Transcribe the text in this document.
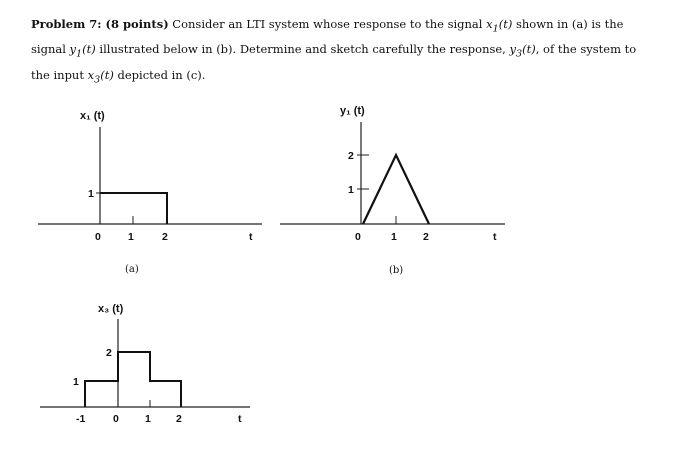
Problem 7: (8 points) Consider an LTI system whose response to the signal $x_1(t)$ shown in (a) is the signal $y_1(t)$ illustrated below in (b). Determine and sketch carefully the response, $y_3(t)$, of the system to the input $x_3(t)$ depicted in (c).
x₁ (t)
1
0	1	2	t
(a)
y₁ (t)
2
1
0	1 2	t
(b)
x₃ (t)
2
1
-1	0 1 2	t
